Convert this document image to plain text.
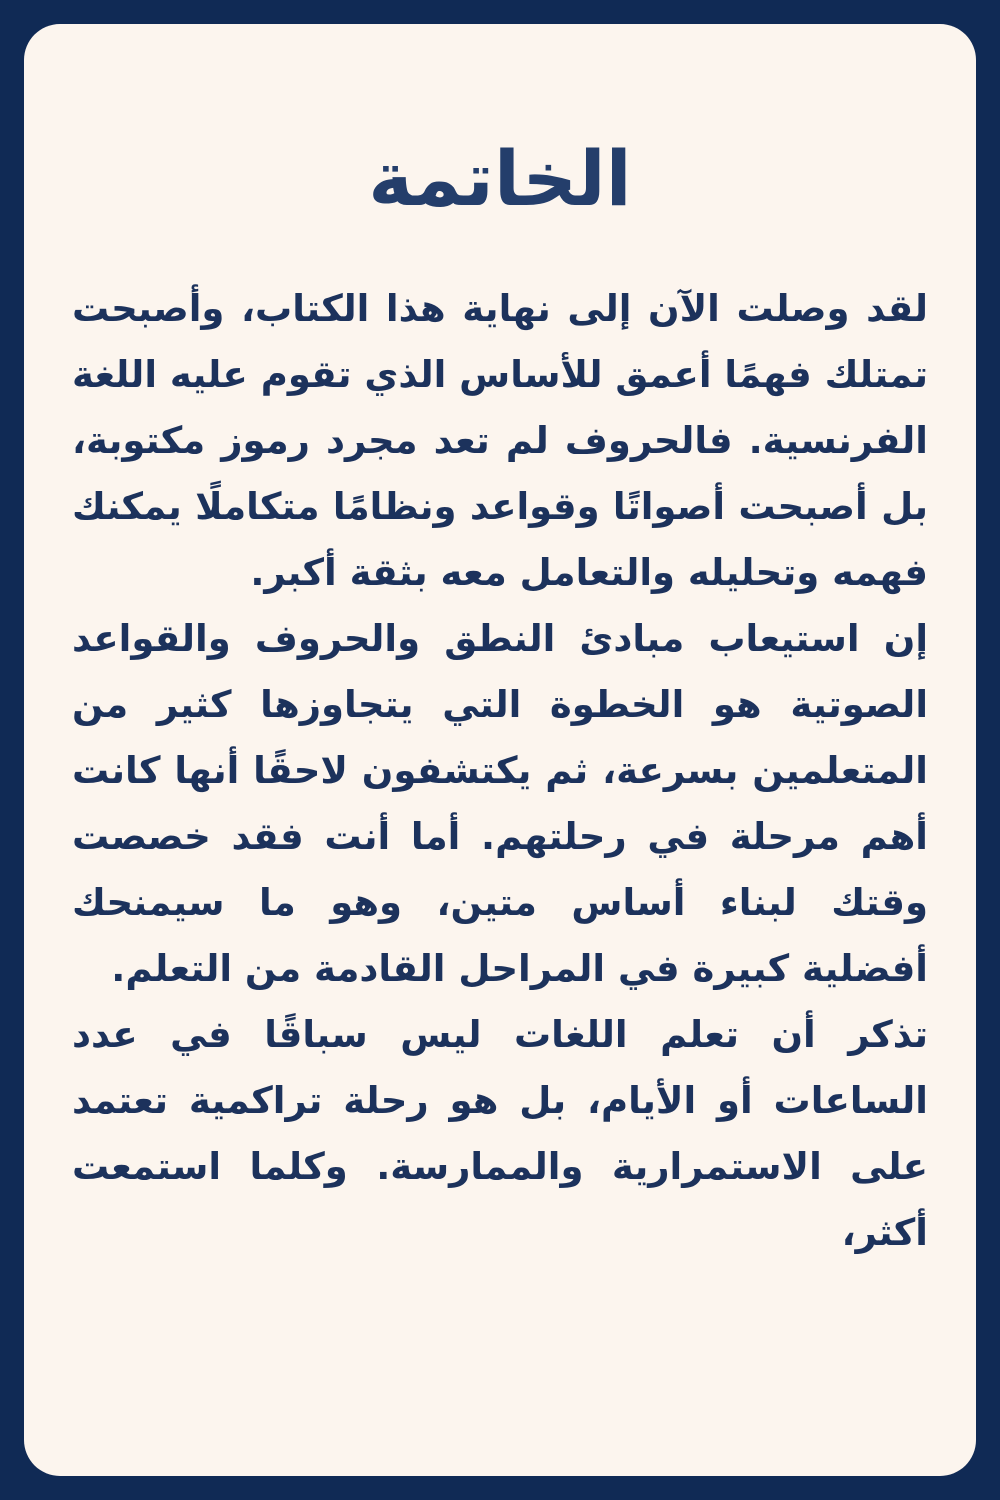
الخاتمة

لقد وصلت الآن إلى نهاية هذا الكتاب، وأصبحت تمتلك فهمًا أعمق للأساس الذي تقوم عليه اللغة الفرنسية. فالحروف لم تعد مجرد رموز مكتوبة، بل أصبحت أصواتًا وقواعد ونظامًا متكاملًا يمكنك فهمه وتحليله والتعامل معه بثقة أكبر.

إن استيعاب مبادئ النطق والحروف والقواعد الصوتية هو الخطوة التي يتجاوزها كثير من المتعلمين بسرعة، ثم يكتشفون لاحقًا أنها كانت أهم مرحلة في رحلتهم. أما أنت فقد خصصت وقتك لبناء أساس متين، وهو ما سيمنحك أفضلية كبيرة في المراحل القادمة من التعلم.

تذكر أن تعلم اللغات ليس سباقًا في عدد الساعات أو الأيام، بل هو رحلة تراكمية تعتمد على الاستمرارية والممارسة. وكلما استمعت أكثر،
